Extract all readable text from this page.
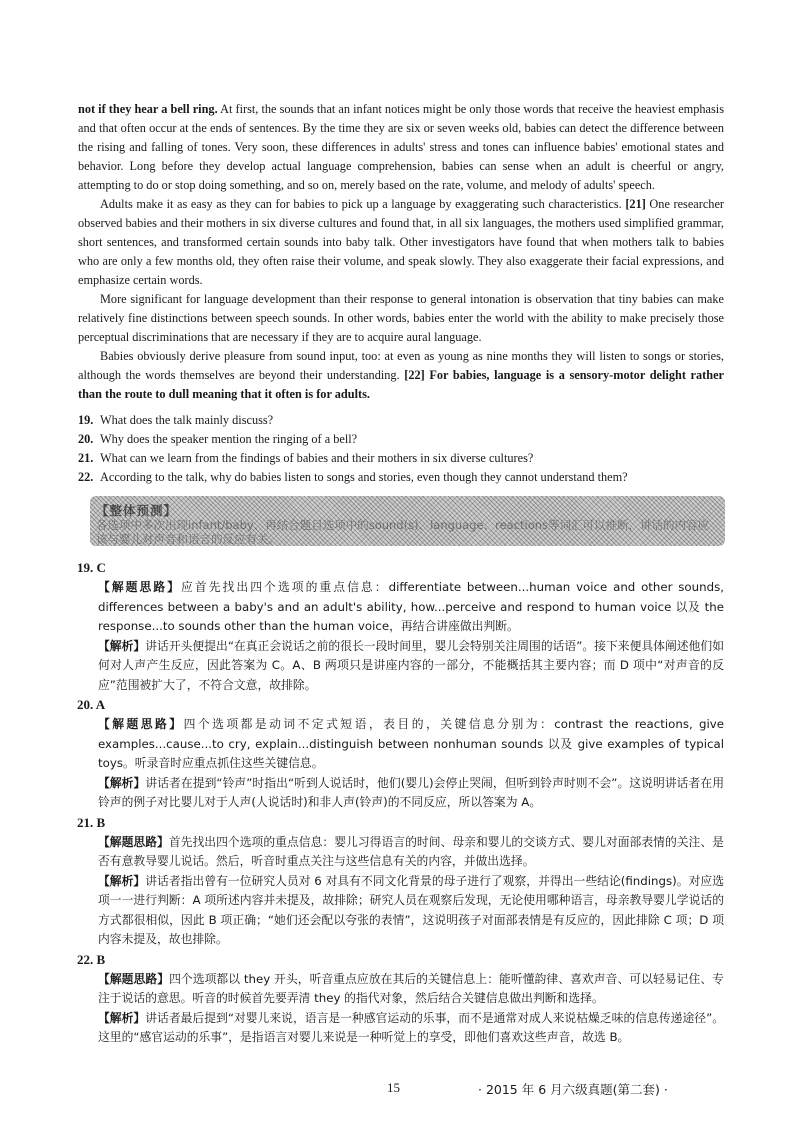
not if they hear a bell ring. At first, the sounds that an infant notices might be only those words that receive the heaviest emphasis and that often occur at the ends of sentences. By the time they are six or seven weeks old, babies can detect the difference between the rising and falling of tones. Very soon, these differences in adults' stress and tones can influence babies' emotional states and behavior. Long before they develop actual language comprehension, babies can sense when an adult is cheerful or angry, attempting to do or stop doing something, and so on, merely based on the rate, volume, and melody of adults' speech.

Adults make it as easy as they can for babies to pick up a language by exaggerating such characteristics. [21] One researcher observed babies and their mothers in six diverse cultures and found that, in all six languages, the mothers used simplified grammar, short sentences, and transformed certain sounds into baby talk. Other investigators have found that when mothers talk to babies who are only a few months old, they often raise their volume, and speak slowly. They also exaggerate their facial expressions, and emphasize certain words.

More significant for language development than their response to general intonation is observation that tiny babies can make relatively fine distinctions between speech sounds. In other words, babies enter the world with the ability to make precisely those perceptual discriminations that are necessary if they are to acquire aural language.

Babies obviously derive pleasure from sound input, too: at even as young as nine months they will listen to songs or stories, although the words themselves are beyond their understanding. [22] For babies, language is a sensory-motor delight rather than the route to dull meaning that it often is for adults.

19. What does the talk mainly discuss?
20. Why does the speaker mention the ringing of a bell?
21. What can we learn from the findings of babies and their mothers in six diverse cultures?
22. According to the talk, why do babies listen to songs and stories, even though they cannot understand them?
【整体预测】
各选项中多次出现infant/baby、再结合题目选项中的sound(s)、language、reactions等词汇可以推断，讲话的内容应该与婴儿对声音和语言的反应有关。
19. C

【解题思路】应首先找出四个选项的重点信息：differentiate between...human voice and other sounds, differences between a baby's and an adult's ability, how...perceive and respond to human voice 以及 the response...to sounds other than the human voice，再结合讲座做出判断。

【解析】讲话开头便提出“在真正会说话之前的很长一段时间里，婴儿会特别关注周围的话语”。接下来便具体阐述他们如何对人声产生反应，因此答案为 C。A、B 两项只是讲座内容的一部分，不能概括其主要内容；而 D 项中“对声音的反应”范围被扩大了，不符合文意，故排除。

20. A

【解题思路】四个选项都是动词不定式短语，表目的，关键信息分别为：contrast the reactions, give examples...cause...to cry, explain...distinguish between nonhuman sounds 以及 give examples of typical toys。听录音时应重点抓住这些关键信息。

【解析】讲话者在提到“铃声”时指出“听到人说话时，他们(婴儿)会停止哭闹，但听到铃声时则不会”。这说明讲话者在用铃声的例子对比婴儿对于人声(人说话时)和非人声(铃声)的不同反应，所以答案为 A。

21. B

【解题思路】首先找出四个选项的重点信息：婴儿习得语言的时间、母亲和婴儿的交谈方式、婴儿对面部表情的关注、是否有意教导婴儿说话。然后，听音时重点关注与这些信息有关的内容，并做出选择。

【解析】讲话者指出曾有一位研究人员对 6 对具有不同文化背景的母子进行了观察，并得出一些结论(findings)。对应选项一一进行判断：A 项所述内容并未提及，故排除；研究人员在观察后发现，无论使用哪种语言，母亲教导婴儿学说话的方式都很相似，因此 B 项正确；“她们还会配以夸张的表情”，这说明孩子对面部表情是有反应的，因此排除 C 项；D 项内容未提及，故也排除。

22. B

【解题思路】四个选项都以 they 开头，听音重点应放在其后的关键信息上：能听懂韵律、喜欢声音、可以轻易记住、专注于说话的意思。听音的时候首先要弄清 they 的指代对象，然后结合关键信息做出判断和选择。

【解析】讲话者最后提到“对婴儿来说，语言是一种感官运动的乐事，而不是通常对成人来说枯燥乏味的信息传递途径”。这里的“感官运动的乐事”，是指语言对婴儿来说是一种听觉上的享受，即他们喜欢这些声音，故选 B。

15	· 2015 年 6 月六级真题(第二套) ·
